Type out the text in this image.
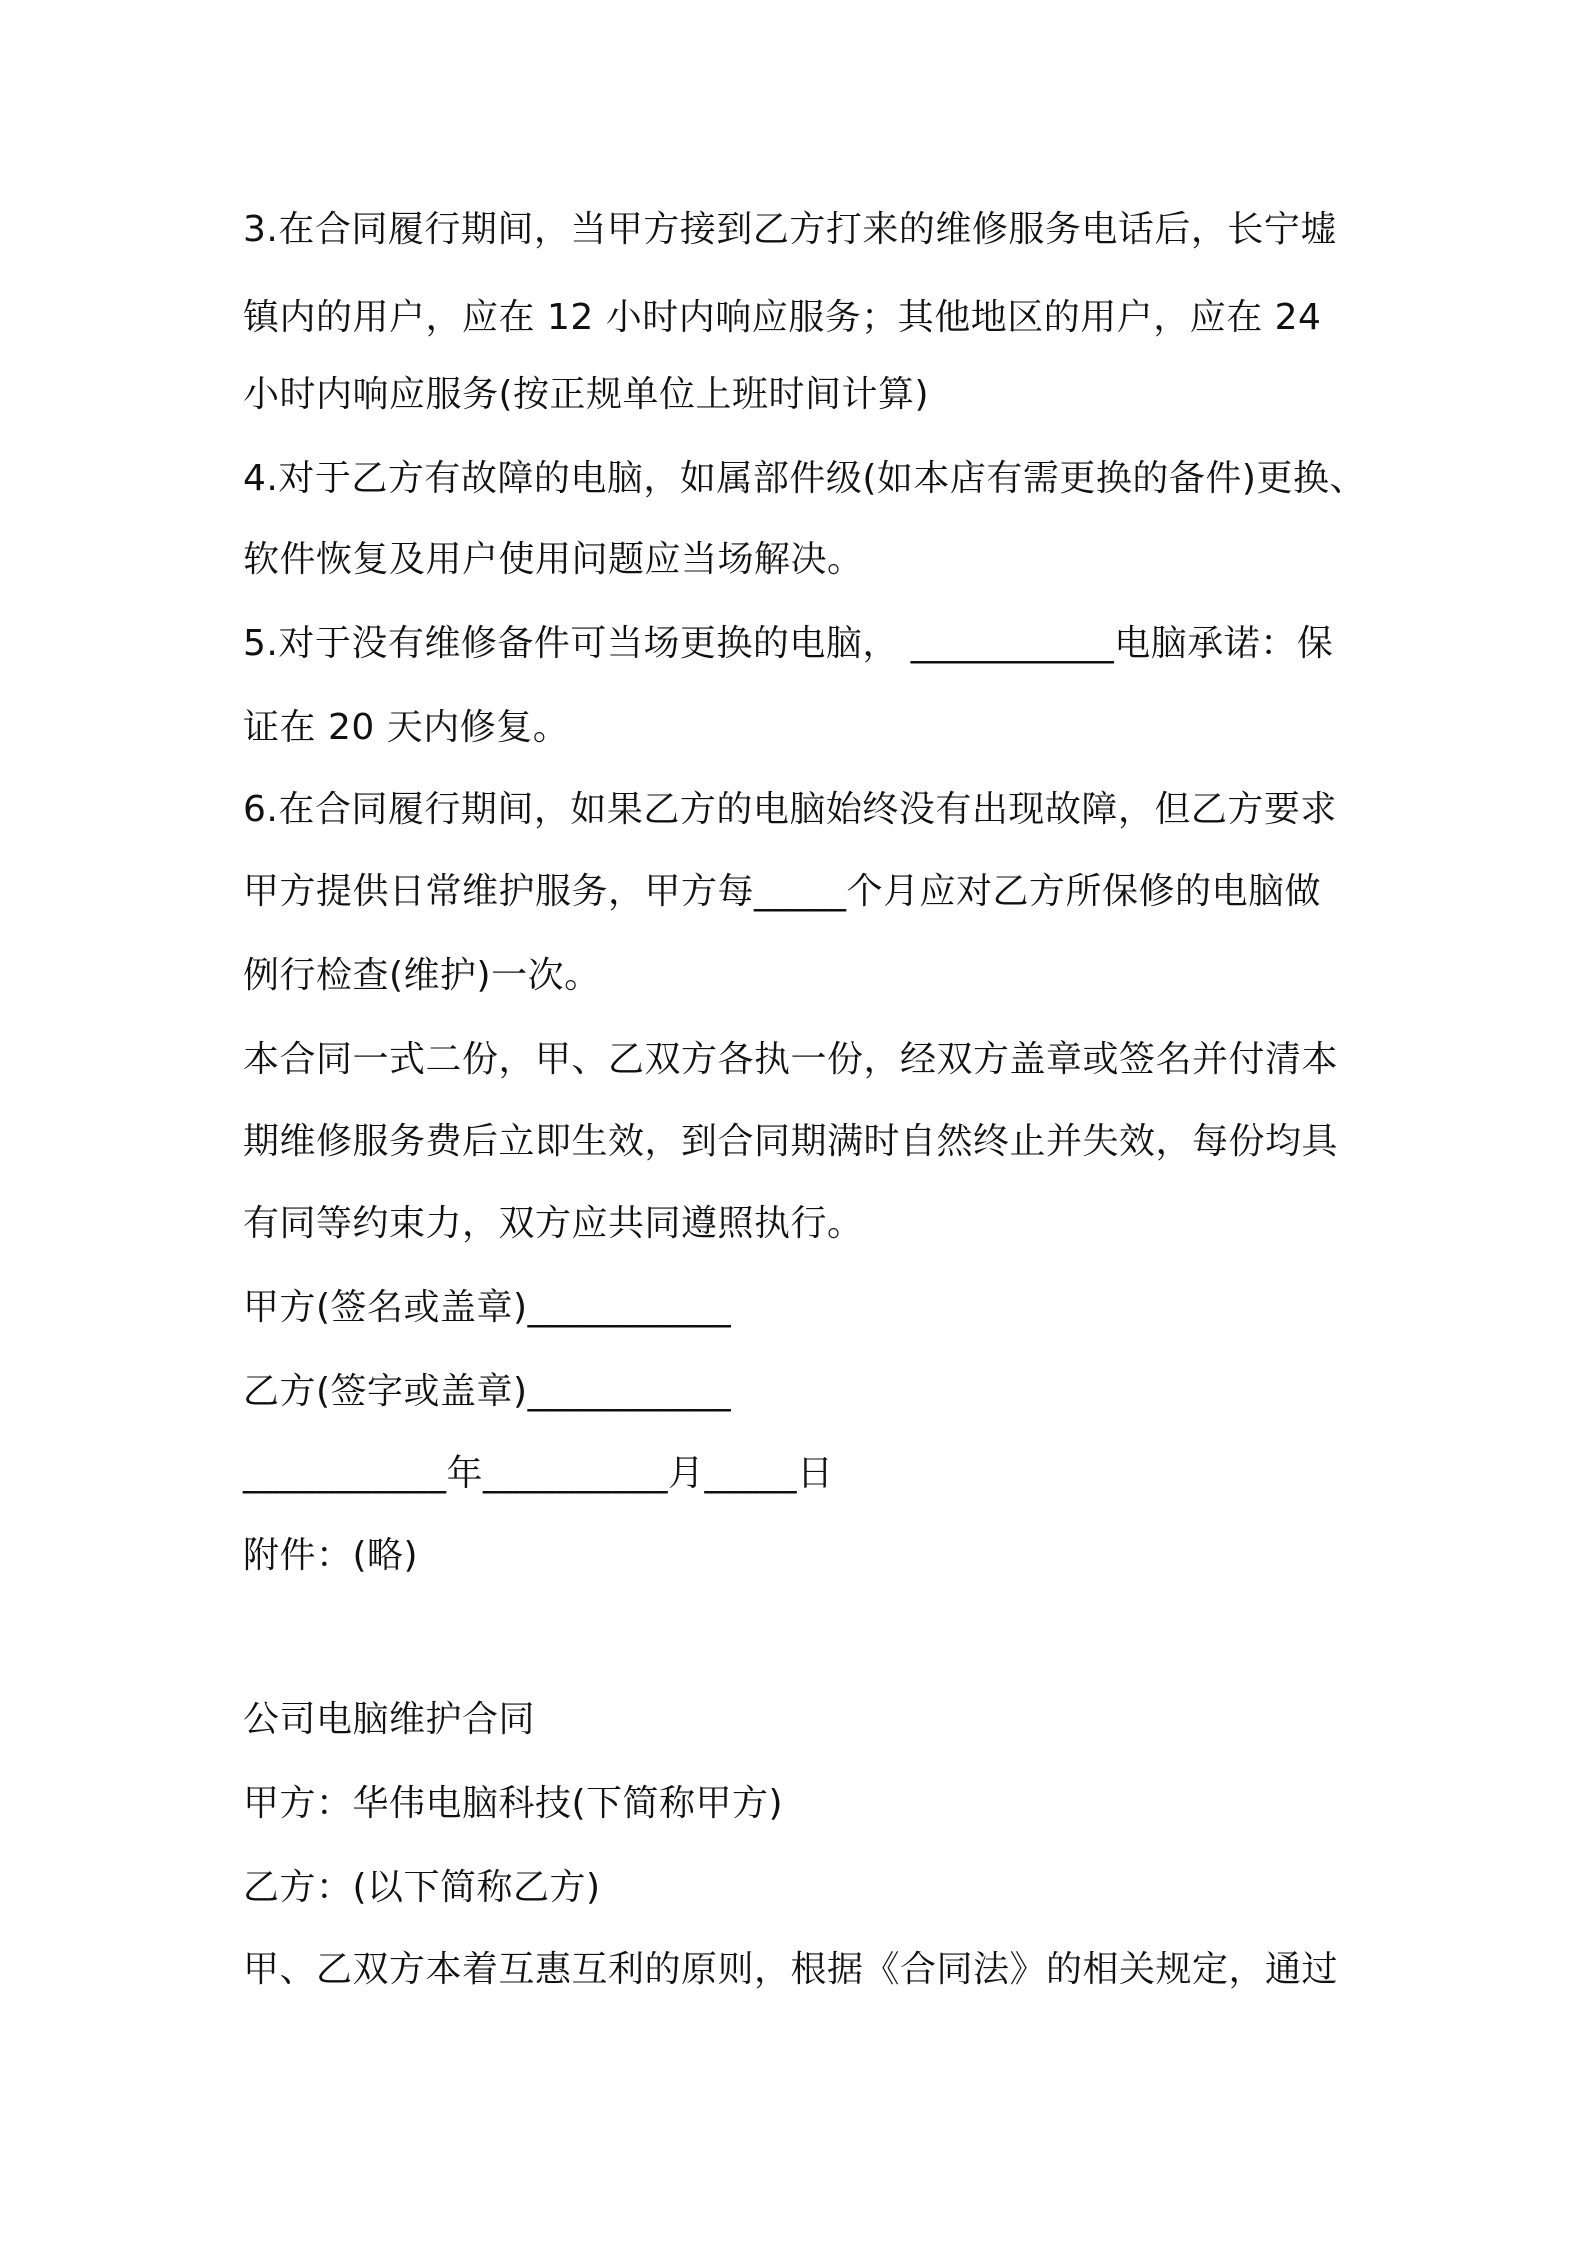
3.在合同履行期间，当甲方接到乙方打来的维修服务电话后，长宁墟
镇内的用户，应在 12 小时内响应服务；其他地区的用户，应在 24
小时内响应服务(按正规单位上班时间计算)
4.对于乙方有故障的电脑，如属部件级(如本店有需更换的备件)更换、
软件恢复及用户使用问题应当场解决。
5.对于没有维修备件可当场更换的电脑， ___________电脑承诺：保
证在 20 天内修复。
6.在合同履行期间，如果乙方的电脑始终没有出现故障，但乙方要求
甲方提供日常维护服务，甲方每_____个月应对乙方所保修的电脑做
例行检查(维护)一次。
本合同一式二份，甲、乙双方各执一份，经双方盖章或签名并付清本
期维修服务费后立即生效，到合同期满时自然终止并失效，每份均具
有同等约束力，双方应共同遵照执行。
甲方(签名或盖章)___________
乙方(签字或盖章)___________
___________年__________月_____日
附件：(略)
公司电脑维护合同
甲方：华伟电脑科技(下简称甲方)
乙方：(以下简称乙方)
甲、乙双方本着互惠互利的原则，根据《合同法》的相关规定，通过
